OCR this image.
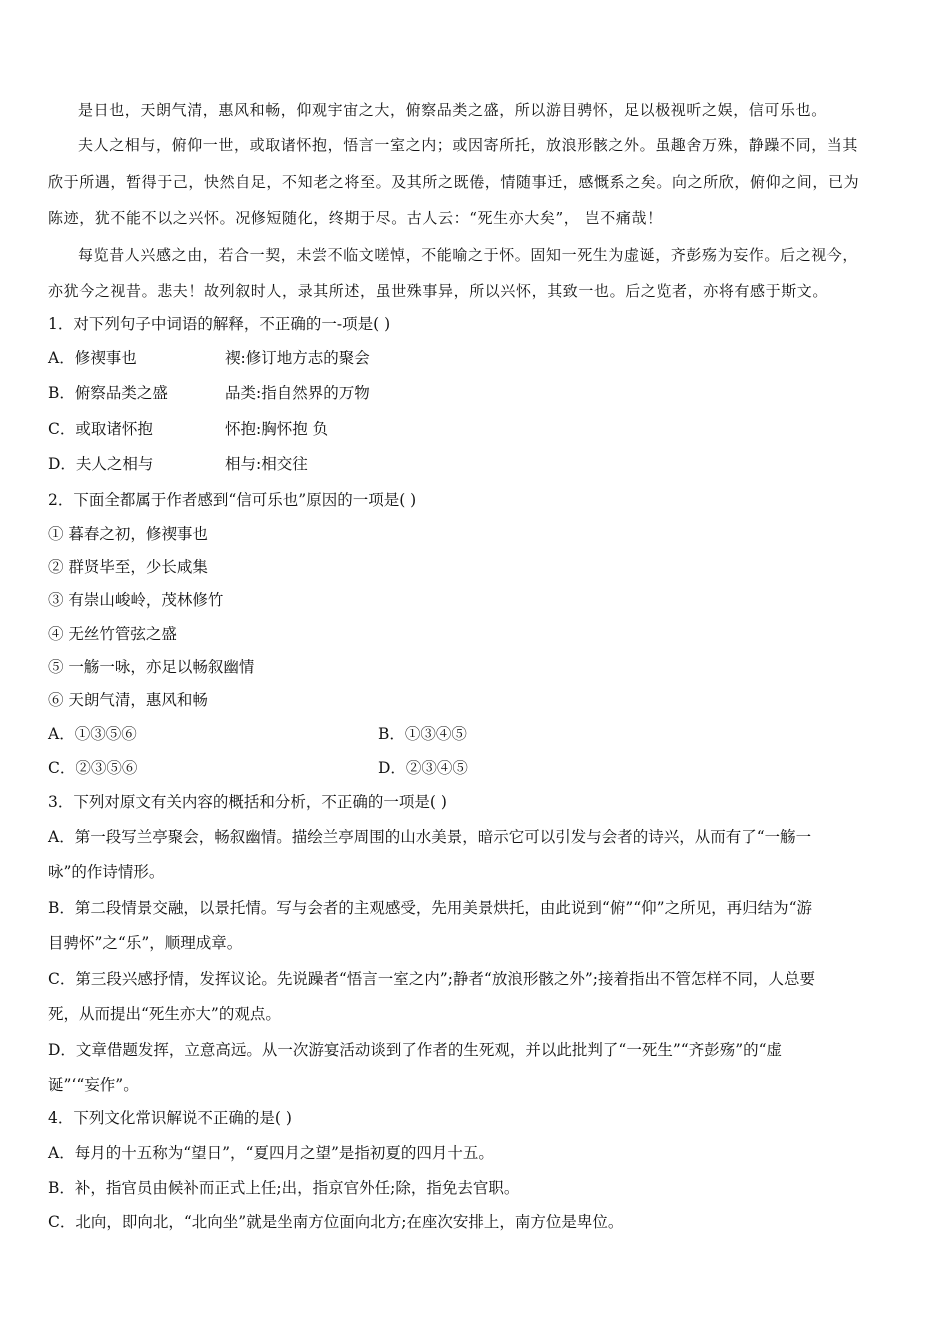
是日也，天朗气清，惠风和畅，仰观宇宙之大，俯察品类之盛，所以游目骋怀，足以极视听之娱，信可乐也。
夫人之相与，俯仰一世，或取诸怀抱，悟言一室之内；或因寄所托，放浪形骸之外。虽趣舍万殊，静躁不同，当其
欣于所遇，暂得于己，快然自足，不知老之将至。及其所之既倦，情随事迁，感慨系之矣。向之所欣，俯仰之间，已为
陈迹，犹不能不以之兴怀。况修短随化，终期于尽。古人云：“死生亦大矣”， 岂不痛哉！
每览昔人兴感之由，若合一契，未尝不临文嗟悼，不能喻之于怀。固知一死生为虚诞，齐彭殇为妄作。后之视今，
亦犹今之视昔。悲夫！故列叙时人，录其所述，虽世殊事异，所以兴怀，其致一也。后之览者，亦将有感于斯文。
1．对下列句子中词语的解释，不正确的一-项是( )
A．修禊事也	禊:修订地方志的聚会
B．俯察品类之盛	品类:指自然界的万物
C．或取诸怀抱	怀抱:胸怀抱 负
D．夫人之相与	相与:相交往
2．下面全都属于作者感到“信可乐也”原因的一项是( )
① 暮春之初，修禊事也
② 群贤毕至，少长咸集
③ 有崇山峻岭，茂林修竹
④ 无丝竹管弦之盛
⑤ 一觞一咏，亦足以畅叙幽情
⑥ 天朗气清，惠风和畅
A．①③⑤⑥	B．①③④⑤
C．②③⑤⑥	D．②③④⑤
3．下列对原文有关内容的概括和分析，不正确的一项是( )
A．第一段写兰亭聚会，畅叙幽情。描绘兰亭周围的山水美景，暗示它可以引发与会者的诗兴，从而有了“一觞一
咏”的作诗情形。
B．第二段情景交融，以景托情。写与会者的主观感受，先用美景烘托，由此说到“俯”“仰”之所见，再归结为“游
目骋怀”之“乐”，顺理成章。
C．第三段兴感抒情，发挥议论。先说躁者“悟言一室之内”;静者“放浪形骸之外”;接着指出不管怎样不同，人总要
死，从而提出“死生亦大”的观点。
D．文章借题发挥，立意高远。从一次游宴活动谈到了作者的生死观，并以此批判了“一死生”“齐彭殇”的“虚
诞”‘“妄作”。
4．下列文化常识解说不正确的是( )
A．每月的十五称为“望日”，“夏四月之望”是指初夏的四月十五。
B．补，指官员由候补而正式上任;出，指京官外任;除，指免去官职。
C．北向，即向北，“北向坐”就是坐南方位面向北方;在座次安排上，南方位是卑位。
